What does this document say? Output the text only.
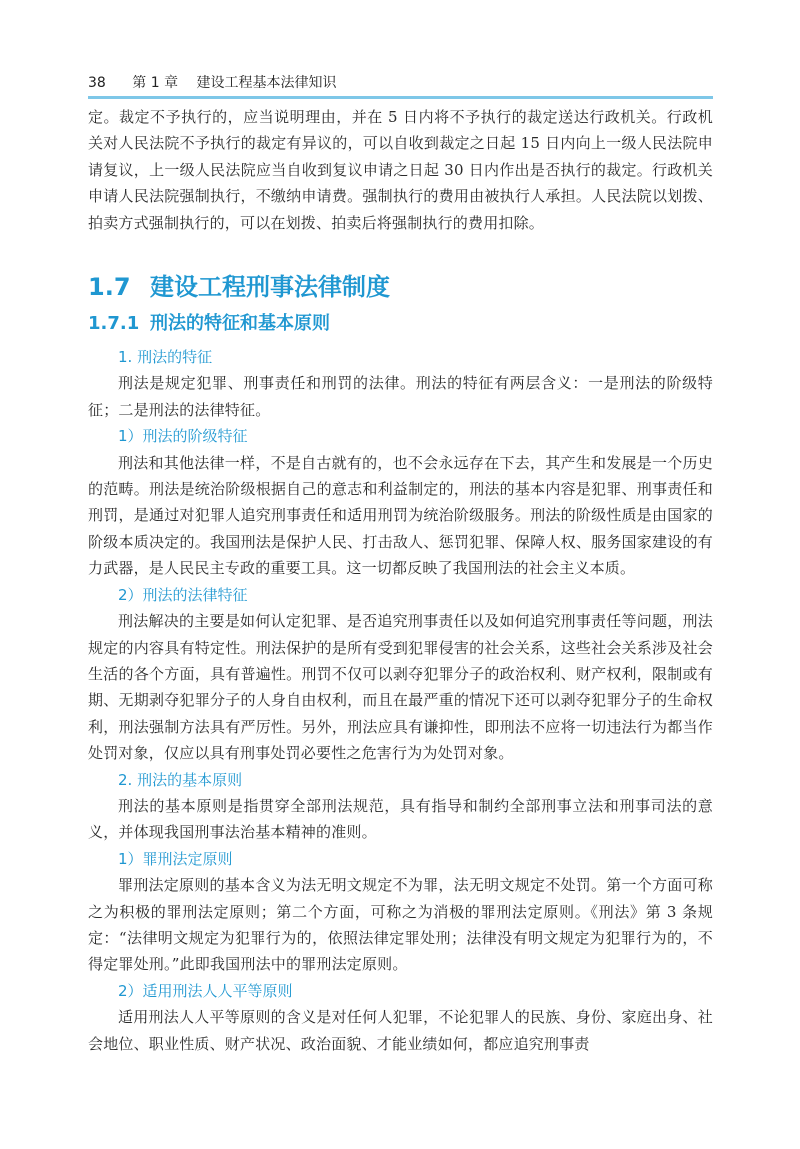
38 第 1 章 建设工程基本法律知识

定。裁定不予执行的，应当说明理由，并在 5 日内将不予执行的裁定送达行政机关。行政机关对人民法院不予执行的裁定有异议的，可以自收到裁定之日起 15 日内向上一级人民法院申请复议，上一级人民法院应当自收到复议申请之日起 30 日内作出是否执行的裁定。行政机关申请人民法院强制执行，不缴纳申请费。强制执行的费用由被执行人承担。人民法院以划拨、拍卖方式强制执行的，可以在划拨、拍卖后将强制执行的费用扣除。

1.7 建设工程刑事法律制度
1.7.1 刑法的特征和基本原则
1. 刑法的特征

刑法是规定犯罪、刑事责任和刑罚的法律。刑法的特征有两层含义：一是刑法的阶级特征；二是刑法的法律特征。

1）刑法的阶级特征

刑法和其他法律一样，不是自古就有的，也不会永远存在下去，其产生和发展是一个历史的范畴。刑法是统治阶级根据自己的意志和利益制定的，刑法的基本内容是犯罪、刑事责任和刑罚，是通过对犯罪人追究刑事责任和适用刑罚为统治阶级服务。刑法的阶级性质是由国家的阶级本质决定的。我国刑法是保护人民、打击敌人、惩罚犯罪、保障人权、服务国家建设的有力武器，是人民民主专政的重要工具。这一切都反映了我国刑法的社会主义本质。

2）刑法的法律特征

刑法解决的主要是如何认定犯罪、是否追究刑事责任以及如何追究刑事责任等问题，刑法规定的内容具有特定性。刑法保护的是所有受到犯罪侵害的社会关系，这些社会关系涉及社会生活的各个方面，具有普遍性。刑罚不仅可以剥夺犯罪分子的政治权利、财产权利，限制或有期、无期剥夺犯罪分子的人身自由权利，而且在最严重的情况下还可以剥夺犯罪分子的生命权利，刑法强制方法具有严厉性。另外，刑法应具有谦抑性，即刑法不应将一切违法行为都当作处罚对象，仅应以具有刑事处罚必要性之危害行为为处罚对象。

2. 刑法的基本原则

刑法的基本原则是指贯穿全部刑法规范，具有指导和制约全部刑事立法和刑事司法的意义，并体现我国刑事法治基本精神的准则。

1）罪刑法定原则

罪刑法定原则的基本含义为法无明文规定不为罪，法无明文规定不处罚。第一个方面可称之为积极的罪刑法定原则；第二个方面，可称之为消极的罪刑法定原则。《刑法》第 3 条规定：“法律明文规定为犯罪行为的，依照法律定罪处刑；法律没有明文规定为犯罪行为的，不得定罪处刑。”此即我国刑法中的罪刑法定原则。

2）适用刑法人人平等原则

适用刑法人人平等原则的含义是对任何人犯罪，不论犯罪人的民族、身份、家庭出身、社会地位、职业性质、财产状况、政治面貌、才能业绩如何，都应追究刑事责
